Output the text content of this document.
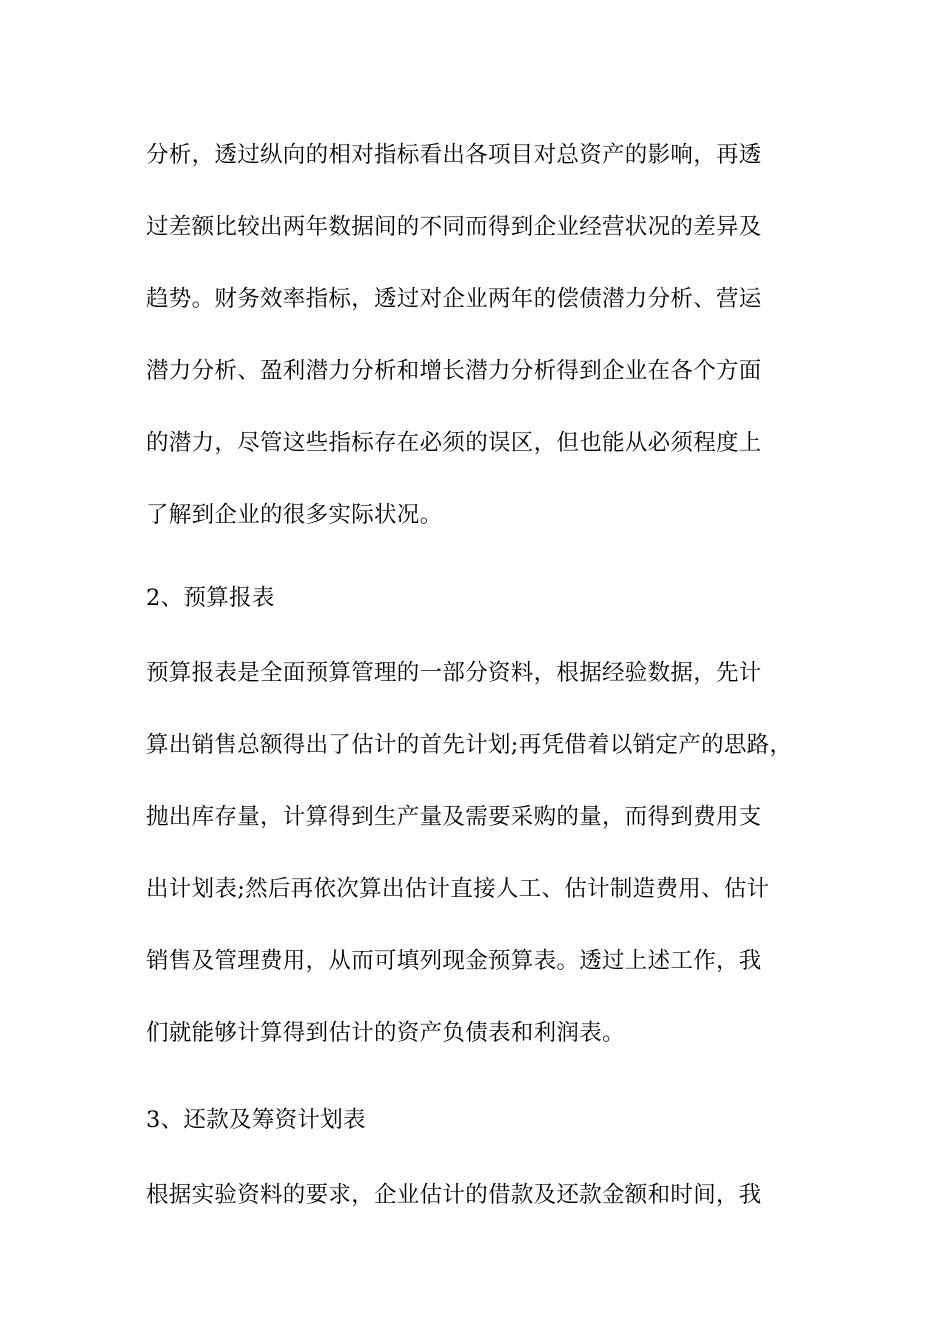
分析，透过纵向的相对指标看出各项目对总资产的影响，再透
过差额比较出两年数据间的不同而得到企业经营状况的差异及
趋势。财务效率指标，透过对企业两年的偿债潜力分析、营运
潜力分析、盈利潜力分析和增长潜力分析得到企业在各个方面
的潜力，尽管这些指标存在必须的误区，但也能从必须程度上
了解到企业的很多实际状况。
2、预算报表
预算报表是全面预算管理的一部分资料，根据经验数据，先计
算出销售总额得出了估计的首先计划;再凭借着以销定产的思路，
抛出库存量，计算得到生产量及需要采购的量，而得到费用支
出计划表;然后再依次算出估计直接人工、估计制造费用、估计
销售及管理费用，从而可填列现金预算表。透过上述工作，我
们就能够计算得到估计的资产负债表和利润表。
3、还款及筹资计划表
根据实验资料的要求，企业估计的借款及还款金额和时间，我
